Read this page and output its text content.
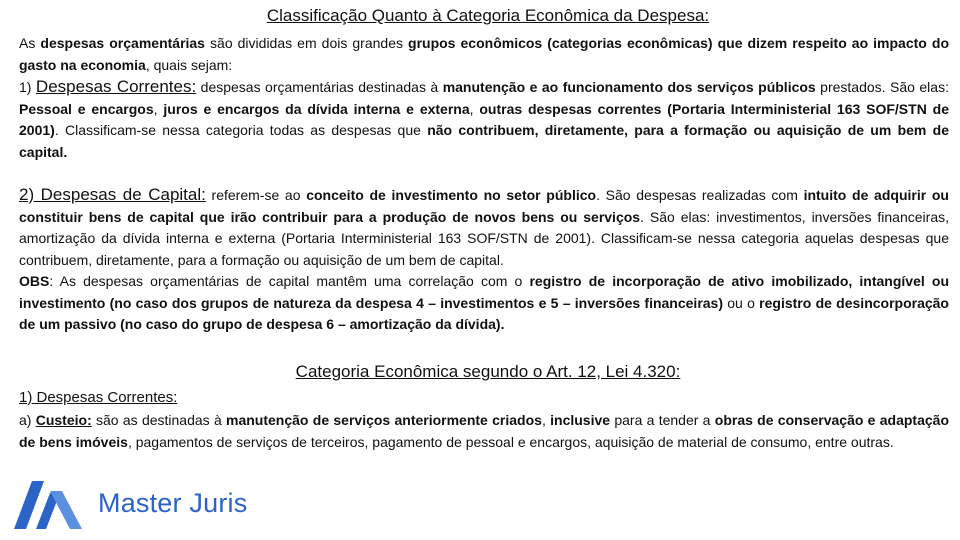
Classificação Quanto à Categoria Econômica da Despesa:

As despesas orçamentárias são divididas em dois grandes grupos econômicos (categorias econômicas) que dizem respeito ao impacto do gasto na economia, quais sejam:

1) Despesas Correntes: despesas orçamentárias destinadas à manutenção e ao funcionamento dos serviços públicos prestados. São elas: Pessoal e encargos, juros e encargos da dívida interna e externa, outras despesas correntes (Portaria Interministerial 163 SOF/STN de 2001). Classificam-se nessa categoria todas as despesas que não contribuem, diretamente, para a formação ou aquisição de um bem de capital.

2) Despesas de Capital: referem-se ao conceito de investimento no setor público. São despesas realizadas com intuito de adquirir ou constituir bens de capital que irão contribuir para a produção de novos bens ou serviços. São elas: investimentos, inversões financeiras, amortização da dívida interna e externa (Portaria Interministerial 163 SOF/STN de 2001). Classificam-se nessa categoria aquelas despesas que contribuem, diretamente, para a formação ou aquisição de um bem de capital.
OBS: As despesas orçamentárias de capital mantêm uma correlação com o registro de incorporação de ativo imobilizado, intangível ou investimento (no caso dos grupos de natureza da despesa 4 – investimentos e 5 – inversões financeiras) ou o registro de desincorporação de um passivo (no caso do grupo de despesa 6 – amortização da dívida).

Categoria Econômica segundo o Art. 12, Lei 4.320:
1) Despesas Correntes:

a) Custeio: são as destinadas à manutenção de serviços anteriormente criados, inclusive para a tender a obras de conservação e adaptação de bens imóveis, pagamentos de serviços de terceiros, pagamento de pessoal e encargos, aquisição de material de consumo, entre outras.

Master Juris
